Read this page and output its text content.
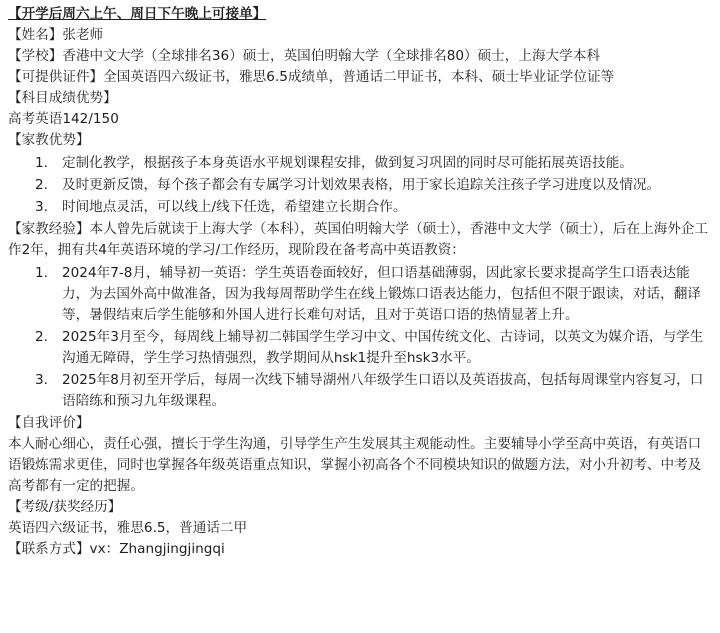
【开学后周六上午、周日下午晚上可接单】

【姓名】张老师

【学校】香港中文大学（全球排名36）硕士，英国伯明翰大学（全球排名80）硕士，上海大学本科

【可提供证件】全国英语四六级证书，雅思6.5成绩单，普通话二甲证书，本科、硕士毕业证学位证等

【科目成绩优势】

高考英语142/150

【家教优势】

1. 定制化教学，根据孩子本身英语水平规划课程安排，做到复习巩固的同时尽可能拓展英语技能。
2. 及时更新反馈，每个孩子都会有专属学习计划效果表格，用于家长追踪关注孩子学习进度以及情况。
3. 时间地点灵活，可以线上/线下任选，希望建立长期合作。

【家教经验】本人曾先后就读于上海大学（本科），英国伯明翰大学（硕士），香港中文大学（硕士），后在上海外企工作2年，拥有共4年英语环境的学习/工作经历，现阶段在备考高中英语教资：

1. 2024年7-8月，辅导初一英语：学生英语卷面较好，但口语基础薄弱，因此家长要求提高学生口语表达能力，为去国外高中做准备，因为我每周帮助学生在线上锻炼口语表达能力，包括但不限于跟读，对话，翻译等，暑假结束后学生能够和外国人进行长难句对话，且对于英语口语的热情显著上升。
2. 2025年3月至今，每周线上辅导初二韩国学生学习中文、中国传统文化、古诗词，以英文为媒介语，与学生沟通无障碍，学生学习热情强烈，教学期间从hsk1提升至hsk3水平。
3. 2025年8月初至开学后，每周一次线下辅导湖州八年级学生口语以及英语拔高，包括每周课堂内容复习，口语陪练和预习九年级课程。

【自我评价】

本人耐心细心，责任心强，擅长于学生沟通，引导学生产生发展其主观能动性。主要辅导小学至高中英语，有英语口语锻炼需求更佳，同时也掌握各年级英语重点知识，掌握小初高各个不同模块知识的做题方法，对小升初考、中考及高考都有一定的把握。

【考级/获奖经历】

英语四六级证书，雅思6.5，普通话二甲

【联系方式】vx：Zhangjingjingqi
